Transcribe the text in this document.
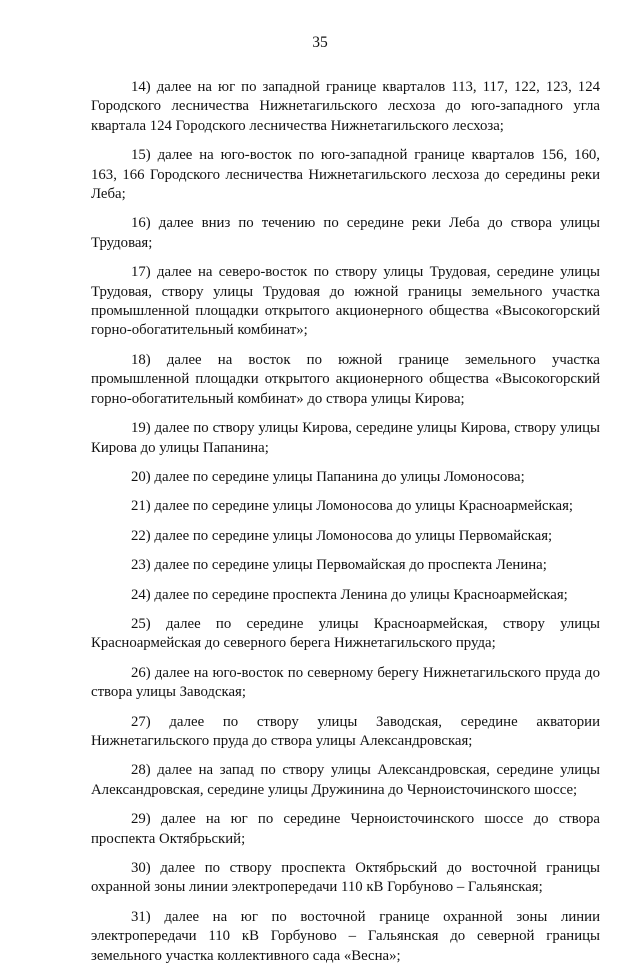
35

14) далее на юг по западной границе кварталов 113, 117, 122, 123, 124 Городского лесничества Нижнетагильского лесхоза до юго-западного угла квартала 124 Городского лесничества Нижнетагильского лесхоза;

15) далее на юго-восток по юго-западной границе кварталов 156, 160, 163, 166 Городского лесничества Нижнетагильского лесхоза до середины реки Леба;

16) далее вниз по течению по середине реки Леба до створа улицы Трудовая;

17) далее на северо-восток по створу улицы Трудовая, середине улицы Трудовая, створу улицы Трудовая до южной границы земельного участка промышленной площадки открытого акционерного общества «Высокогорский горно-обогатительный комбинат»;

18) далее на восток по южной границе земельного участка промышленной площадки открытого акционерного общества «Высокогорский горно-обогатительный комбинат» до створа улицы Кирова;

19) далее по створу улицы Кирова, середине улицы Кирова, створу улицы Кирова до улицы Папанина;

20) далее по середине улицы Папанина до улицы Ломоносова;

21) далее по середине улицы Ломоносова до улицы Красноармейская;

22) далее по середине улицы Ломоносова до улицы Первомайская;

23) далее по середине улицы Первомайская до проспекта Ленина;

24) далее по середине проспекта Ленина до улицы Красноармейская;

25) далее по середине улицы Красноармейская, створу улицы Красноармейская до северного берега Нижнетагильского пруда;

26) далее на юго-восток по северному берегу Нижнетагильского пруда до створа улицы Заводская;

27) далее по створу улицы Заводская, середине акватории Нижнетагильского пруда до створа улицы Александровская;

28) далее на запад по створу улицы Александровская, середине улицы Александровская, середине улицы Дружинина до Черноисточинского шоссе;

29) далее на юг по середине Черноисточинского шоссе до створа проспекта Октябрьский;

30) далее по створу проспекта Октябрьский до восточной границы охранной зоны линии электропередачи 110 кВ Горбуново – Гальянская;

31) далее на юг по восточной границе охранной зоны линии электропередачи 110 кВ Горбуново – Гальянская до северной границы земельного участка коллективного сада «Весна»;
